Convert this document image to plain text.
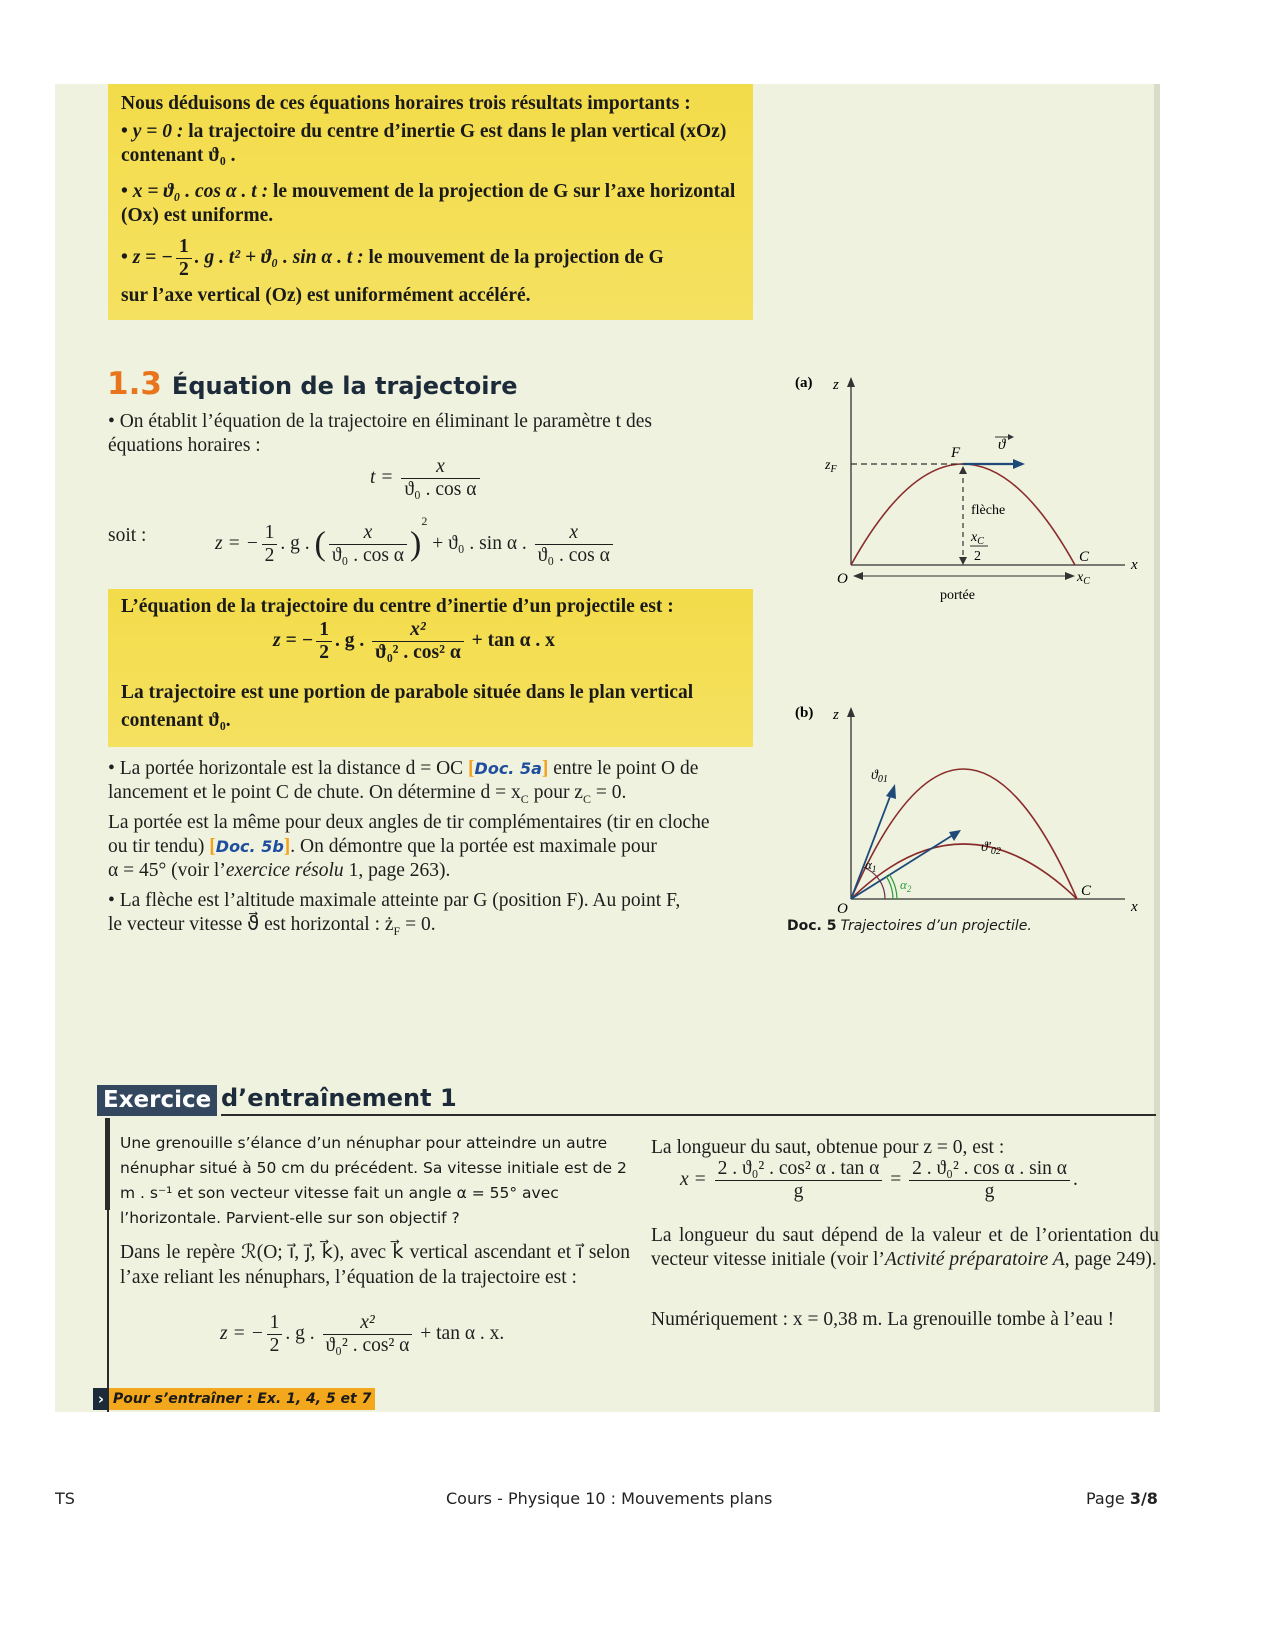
Nous déduisons de ces équations horaires trois résultats importants :
• y = 0 : la trajectoire du centre d’inertie G est dans le plan vertical (xOz) contenant ϑ₀ .
• x = ϑ₀ . cos α . t : le mouvement de la projection de G sur l’axe horizontal (Ox) est uniforme.
• z = − $\frac{1}{2}$ . g . t² + ϑ₀ . sin α . t : le mouvement de la projection de G
sur l’axe vertical (Oz) est uniformément accéléré.
1.3 Équation de la trajectoire
• On établit l’équation de la trajectoire en éliminant le paramètre t des
équations horaires :
$t = \frac{x}{\text{ϑ₀ . cos α}}$
soit :	z = − $\frac{1}{2}$ . g . ( $\frac{x}{\text{ϑ₀ . cos α}} )^2 + ϑ_0$ . sin α . $\frac{x}{\text{ϑ₀ . cos α}}$
L’équation de la trajectoire du centre d’inertie d’un projectile est :
z = − $\frac{1}{2}$ . g . $\frac{\text{x²}}{\text{ϑ₀² . cos² α}} + \tan \alpha$ . x
La trajectoire est une portion de parabole située dans le plan vertical
contenant ϑ₀.
• La portée horizontale est la distance d = OC [Doc. 5a] entre le point O de
lancement et le point C de chute. On détermine $d = x_C$ pour $z_C = 0$.
La portée est la même pour deux angles de tir complémentaires (tir en cloche
ou tir tendu) [Doc. 5b]. On démontre que la portée est maximale pour
α = 45° (voir l’exercice résolu 1, page 263).
• La flèche est l’altitude maximale atteinte par G (position F). Au point F,
le vecteur vitesse ϑ⃗ est horizontal : $ż_F = 0$.
(a) z
x
O
$z_F$
F	ϑ
flèche
$x_C$
2	C
$x_C$
portée
(b) z
x
O
$ϑ_{01}$
$ϑ'_{02}$
$\alpha_1$
$\alpha_2$	C
Doc. 5 Trajectoires d’un projectile.
Exercice d’entraînement 1
Une grenouille s’élance d’un nénuphar pour atteindre un autre nénuphar situé à 50 cm du précédent. Sa vitesse initiale est de 2 m . s⁻¹ et son vecteur vitesse fait un angle α = 55° avec l’horizontale. Parvient-elle sur son objectif ?
Dans le repère ℛ(O; i⃗, j⃗, k⃗), avec k⃗ vertical ascendant et i⃗ selon l’axe reliant les nénuphars, l’équation de la trajectoire est :
z = − $\frac{1}{2}$ . g . $\frac{\text{x²}}{\text{ϑ₀² . cos² α}} + \tan \alpha$ . x.
La longueur du saut, obtenue pour z = 0, est :
$x = \frac{\text{2 . ϑ₀² . cos² α . tan α}}{g} = \frac{\text{2 . ϑ₀² . cos α . sin α}}{g}$ .
La longueur du saut dépend de la valeur et de l’orientation du vecteur vitesse initiale (voir l’Activité préparatoire A, page 249).
Numériquement : x = 0,38 m. La grenouille tombe à l’eau !
› Pour s’entraîner : Ex. 1, 4, 5 et 7
TS	Cours - Physique 10 : Mouvements plans	Page 3/8
